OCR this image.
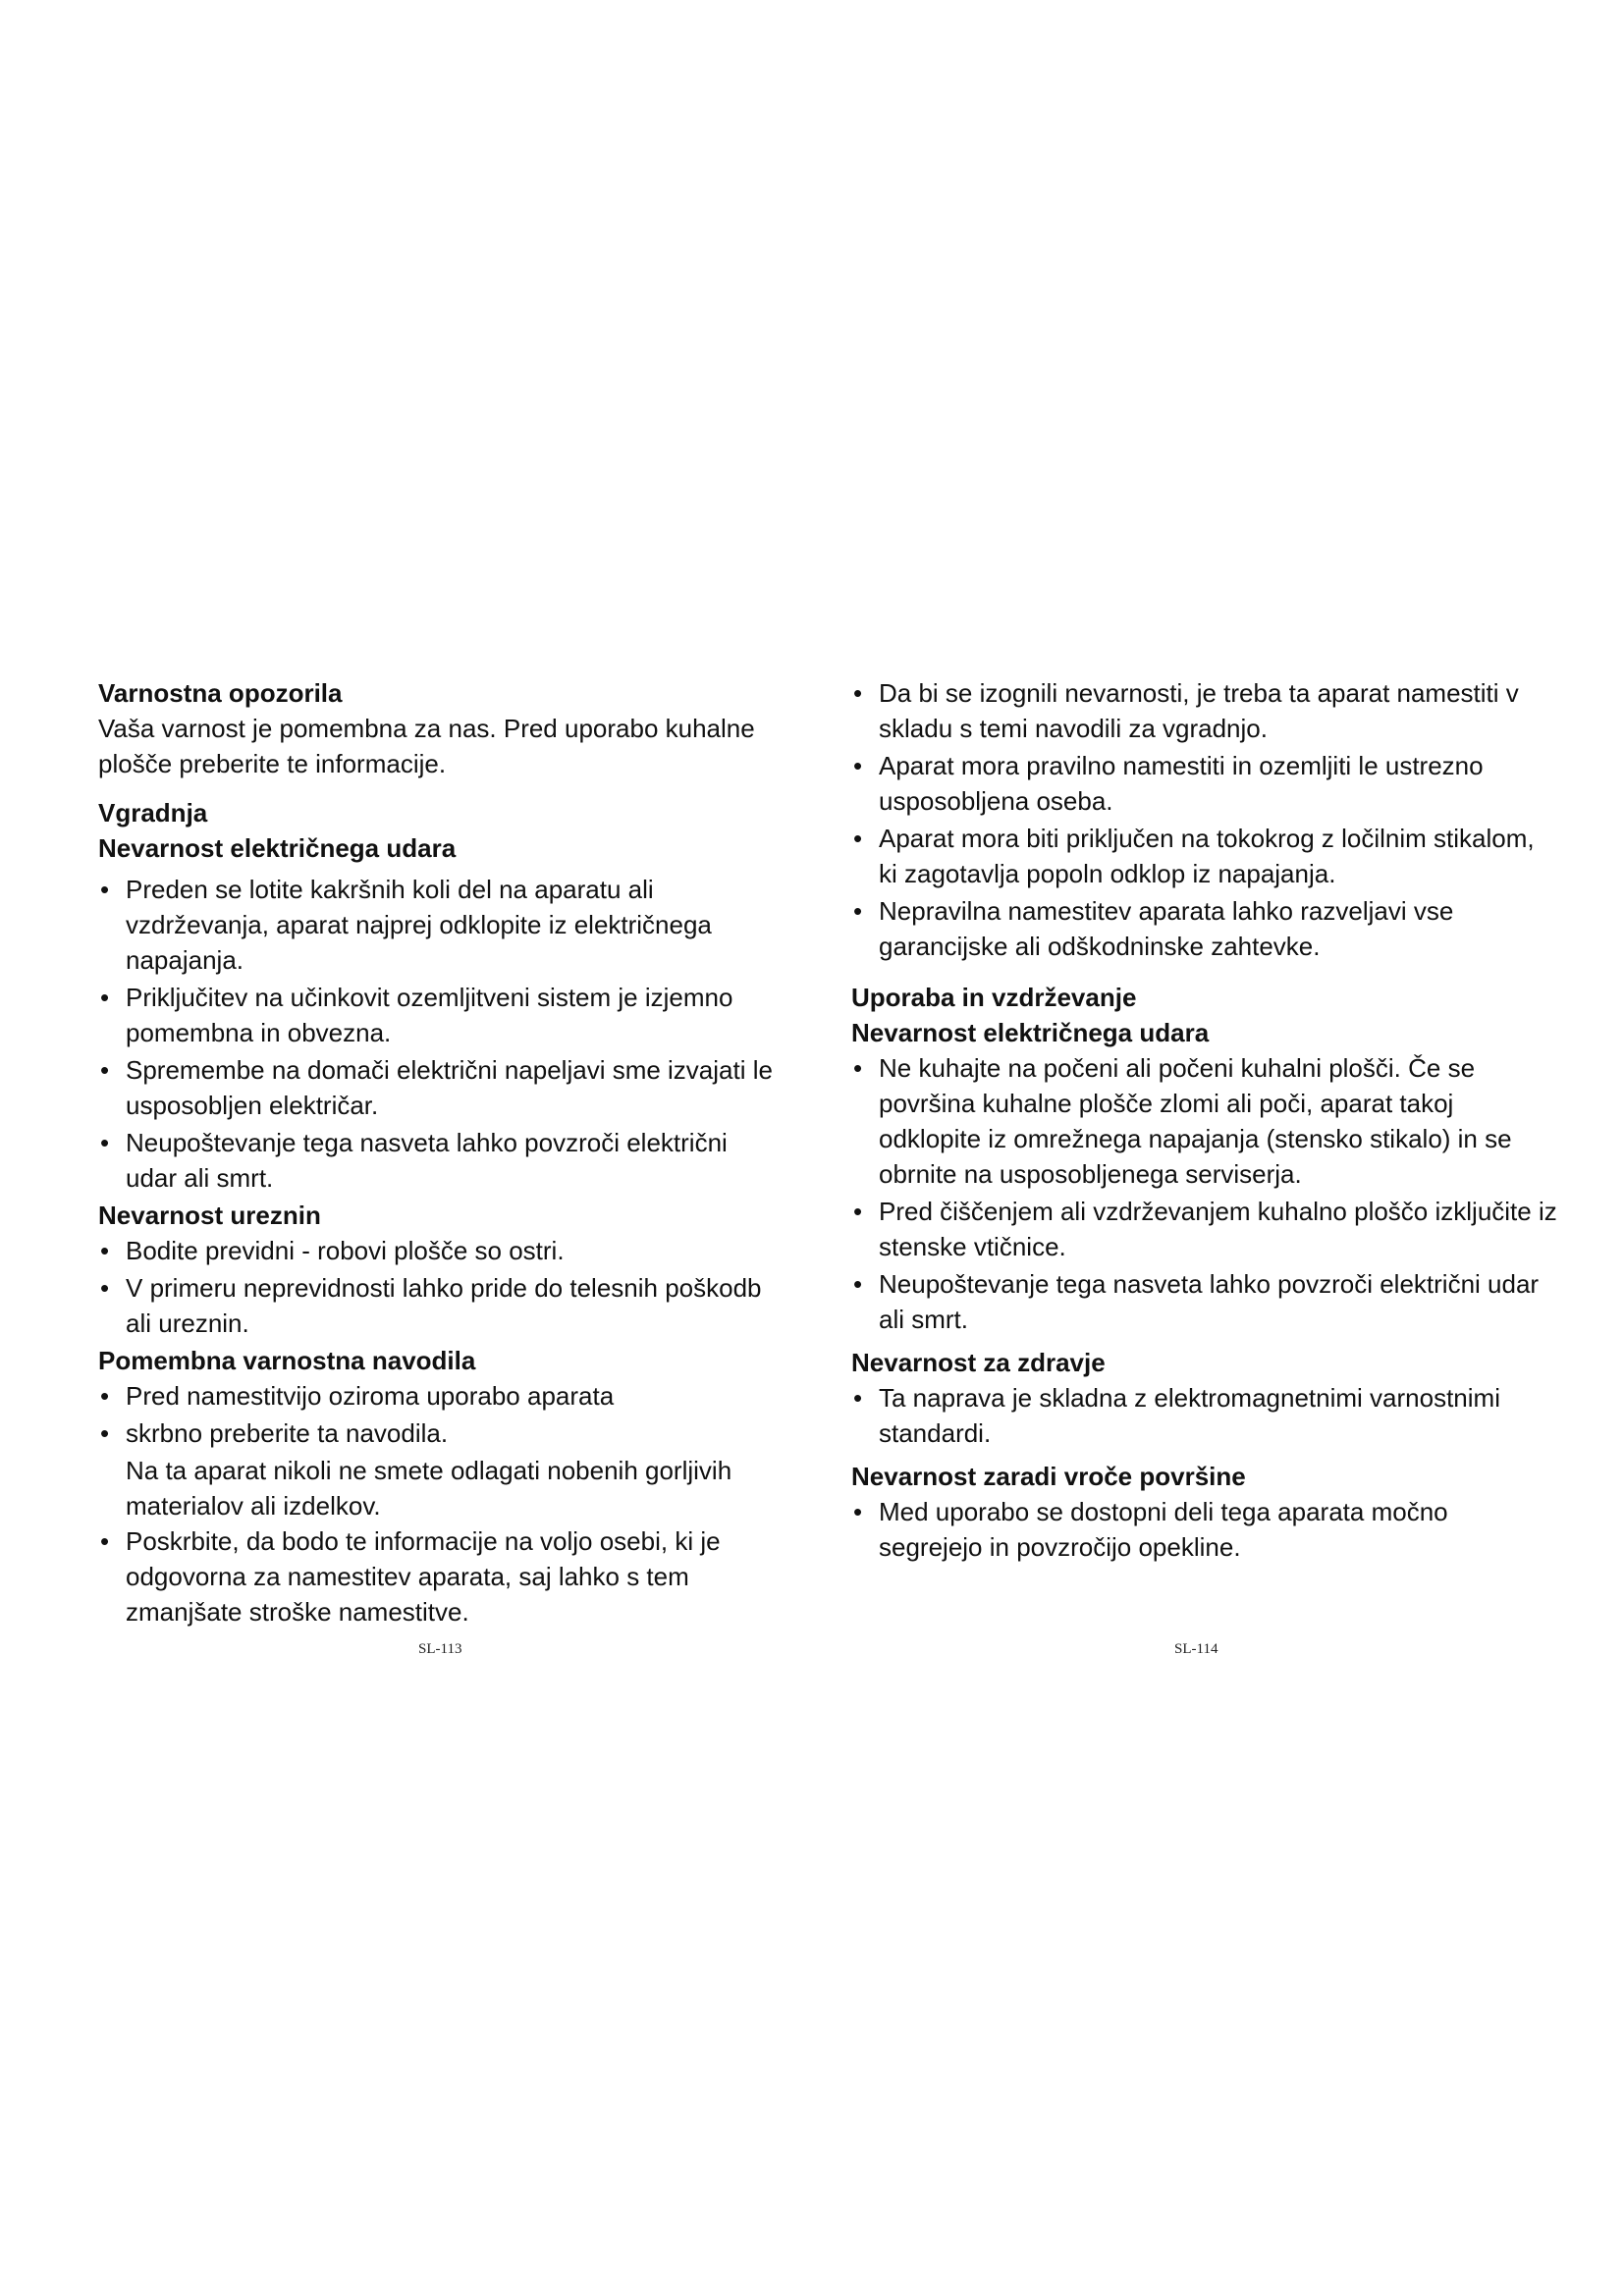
Varnostna opozorila

Vaša varnost je pomembna za nas. Pred uporabo kuhalne plošče preberite te informacije.

Vgradnja

Nevarnost električnega udara

• Preden se lotite kakršnih koli del na aparatu ali vzdrževanja, aparat najprej odklopite iz električnega napajanja.
• Priključitev na učinkovit ozemljitveni sistem je izjemno pomembna in obvezna.
• Spremembe na domači električni napeljavi sme izvajati le usposobljen električar.
• Neupoštevanje tega nasveta lahko povzroči električni udar ali smrt.

Nevarnost ureznin

• Bodite previdni - robovi plošče so ostri.
• V primeru neprevidnosti lahko pride do telesnih poškodb ali ureznin.

Pomembna varnostna navodila

• Pred namestitvijo oziroma uporabo aparata
• skrbno preberite ta navodila.

Na ta aparat nikoli ne smete odlagati nobenih gorljivih materialov ali izdelkov.

• Poskrbite, da bodo te informacije na voljo osebi, ki je odgovorna za namestitev aparata, saj lahko s tem zmanjšate stroške namestitve.
• Da bi se izognili nevarnosti, je treba ta aparat namestiti v skladu s temi navodili za vgradnjo.
• Aparat mora pravilno namestiti in ozemljiti le ustrezno usposobljena oseba.
• Aparat mora biti priključen na tokokrog z ločilnim stikalom, ki zagotavlja popoln odklop iz napajanja.
• Nepravilna namestitev aparata lahko razveljavi vse garancijske ali odškodninske zahtevke.

Uporaba in vzdrževanje

Nevarnost električnega udara

• Ne kuhajte na počeni ali počeni kuhalni plošči. Če se površina kuhalne plošče zlomi ali poči, aparat takoj odklopite iz omrežnega napajanja (stensko stikalo) in se obrnite na usposobljenega serviserja.
• Pred čiščenjem ali vzdrževanjem kuhalno ploščo izklјučite iz stenske vtičnice.
• Neupoštevanje tega nasveta lahko povzroči električni udar ali smrt.

Nevarnost za zdravje

• Ta naprava je skladna z elektromagnetnimi varnostnimi standardi.

Nevarnost zaradi vroče površine

• Med uporabo se dostopni deli tega aparata močno segrejejo in povzročijo opekline.
SL-113	SL-114
